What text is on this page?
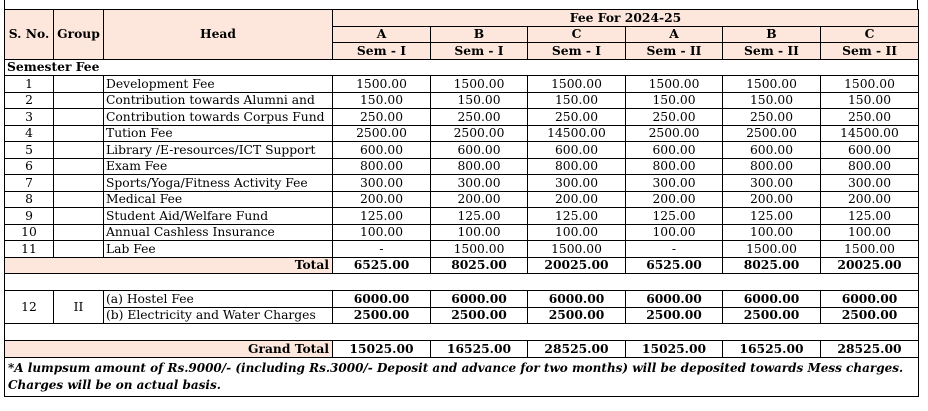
S. No.	Group	Head	Fee For 2024-25					
			A	B	C	A	B	C
			Sem - I	Sem - I	Sem - I	Sem - II	Sem - II	Sem - II
Semester Fee								
1		Development Fee	1500.00	1500.00	1500.00	1500.00	1500.00	1500.00
2		Contribution towards Alumni and	150.00	150.00	150.00	150.00	150.00	150.00
3		Contribution towards Corpus Fund	250.00	250.00	250.00	250.00	250.00	250.00
4		Tution Fee	2500.00	2500.00	14500.00	2500.00	2500.00	14500.00
5		Library /E-resources/ICT Support	600.00	600.00	600.00	600.00	600.00	600.00
6		Exam Fee	800.00	800.00	800.00	800.00	800.00	800.00
7		Sports/Yoga/Fitness Activity Fee	300.00	300.00	300.00	300.00	300.00	300.00
8		Medical Fee	200.00	200.00	200.00	200.00	200.00	200.00
9		Student Aid/Welfare Fund	125.00	125.00	125.00	125.00	125.00	125.00
10		Annual Cashless Insurance	100.00	100.00	100.00	100.00	100.00	100.00
11		Lab Fee	-	1500.00	1500.00	-	1500.00	1500.00
Total			6525.00	8025.00	20025.00	6525.00	8025.00	20025.00

12	II	(a) Hostel Fee	6000.00	6000.00	6000.00	6000.00	6000.00	6000.00
		(b) Electricity and Water Charges	2500.00	2500.00	2500.00	2500.00	2500.00	2500.00

Grand Total			15025.00	16525.00	28525.00	15025.00	16525.00	28525.00
*A lumpsum amount of Rs.9000/- (including Rs.3000/- Deposit and advance for two months) will be deposited towards Mess charges. Charges will be on actual basis.								
